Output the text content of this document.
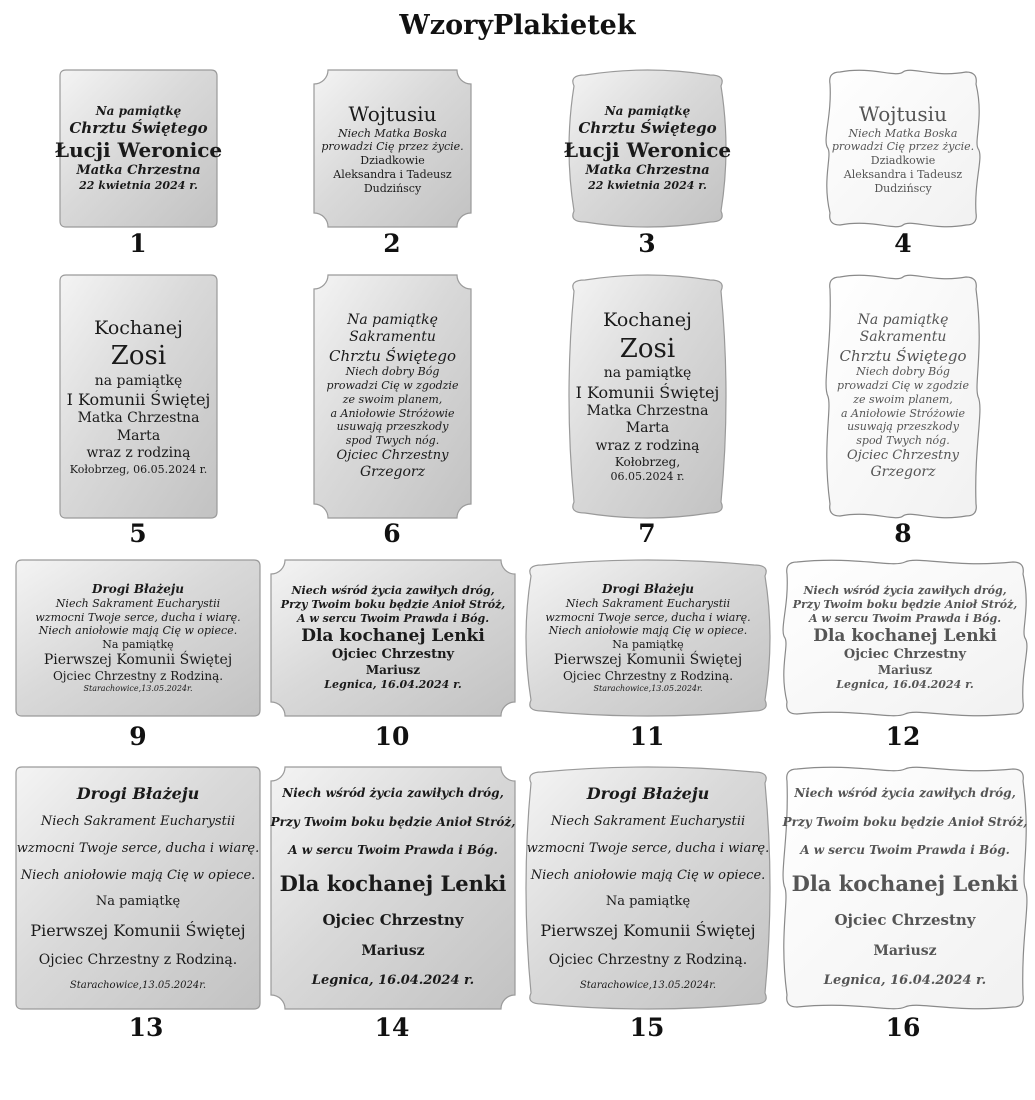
WzoryPlakietek
Na pamiątkę
Chrztu Świętego
Łucji Weronice
Matka Chrzestna
22 kwietnia 2024 r.
1
Wojtusiu
Niech Matka Boska
prowadzi Cię przez życie.
Dziadkowie
Aleksandra i Tadeusz
Dudzińscy
2
Na pamiątkę
Chrztu Świętego
Łucji Weronice
Matka Chrzestna
22 kwietnia 2024 r.
3
Wojtusiu
Niech Matka Boska
prowadzi Cię przez życie.
Dziadkowie
Aleksandra i Tadeusz
Dudzińscy
4
Kochanej
Zosi
na pamiątkę
I Komunii Świętej
Matka Chrzestna
Marta
wraz z rodziną
Kołobrzeg, 06.05.2024 r.
5
Na pamiątkę
Sakramentu
Chrztu Świętego
Niech dobry Bóg
prowadzi Cię w zgodzie
ze swoim planem,
a Aniołowie Stróżowie
usuwają przeszkody
spod Twych nóg.
Ojciec Chrzestny
Grzegorz
6
Kochanej
Zosi
na pamiątkę
I Komunii Świętej
Matka Chrzestna
Marta
wraz z rodziną
Kołobrzeg,
06.05.2024 r.
7
Na pamiątkę
Sakramentu
Chrztu Świętego
Niech dobry Bóg
prowadzi Cię w zgodzie
ze swoim planem,
a Aniołowie Stróżowie
usuwają przeszkody
spod Twych nóg.
Ojciec Chrzestny
Grzegorz
8
Drogi Błażeju
Niech Sakrament Eucharystii
wzmocni Twoje serce, ducha i wiarę.
Niech aniołowie mają Cię w opiece.
Na pamiątkę
Pierwszej Komunii Świętej
Ojciec Chrzestny z Rodziną.
Starachowice,13.05.2024r.
9
Niech wśród życia zawiłych dróg,
Przy Twoim boku będzie Anioł Stróż,
A w sercu Twoim Prawda i Bóg.
Dla kochanej Lenki
Ojciec Chrzestny
Mariusz
Legnica, 16.04.2024 r.
10
Drogi Błażeju
Niech Sakrament Eucharystii
wzmocni Twoje serce, ducha i wiarę.
Niech aniołowie mają Cię w opiece.
Na pamiątkę
Pierwszej Komunii Świętej
Ojciec Chrzestny z Rodziną.
Starachowice,13.05.2024r.
11
Niech wśród życia zawiłych dróg,
Przy Twoim boku będzie Anioł Stróż,
A w sercu Twoim Prawda i Bóg.
Dla kochanej Lenki
Ojciec Chrzestny
Mariusz
Legnica, 16.04.2024 r.
12
Drogi Błażeju
Niech Sakrament Eucharystii
wzmocni Twoje serce, ducha i wiarę.
Niech aniołowie mają Cię w opiece.
Na pamiątkę
Pierwszej Komunii Świętej
Ojciec Chrzestny z Rodziną.
Starachowice,13.05.2024r.
13
Niech wśród życia zawiłych dróg,
Przy Twoim boku będzie Anioł Stróż,
A w sercu Twoim Prawda i Bóg.
Dla kochanej Lenki
Ojciec Chrzestny
Mariusz
Legnica, 16.04.2024 r.
14
Drogi Błażeju
Niech Sakrament Eucharystii
wzmocni Twoje serce, ducha i wiarę.
Niech aniołowie mają Cię w opiece.
Na pamiątkę
Pierwszej Komunii Świętej
Ojciec Chrzestny z Rodziną.
Starachowice,13.05.2024r.
15
Niech wśród życia zawiłych dróg,
Przy Twoim boku będzie Anioł Stróż,
A w sercu Twoim Prawda i Bóg.
Dla kochanej Lenki
Ojciec Chrzestny
Mariusz
Legnica, 16.04.2024 r.
16
